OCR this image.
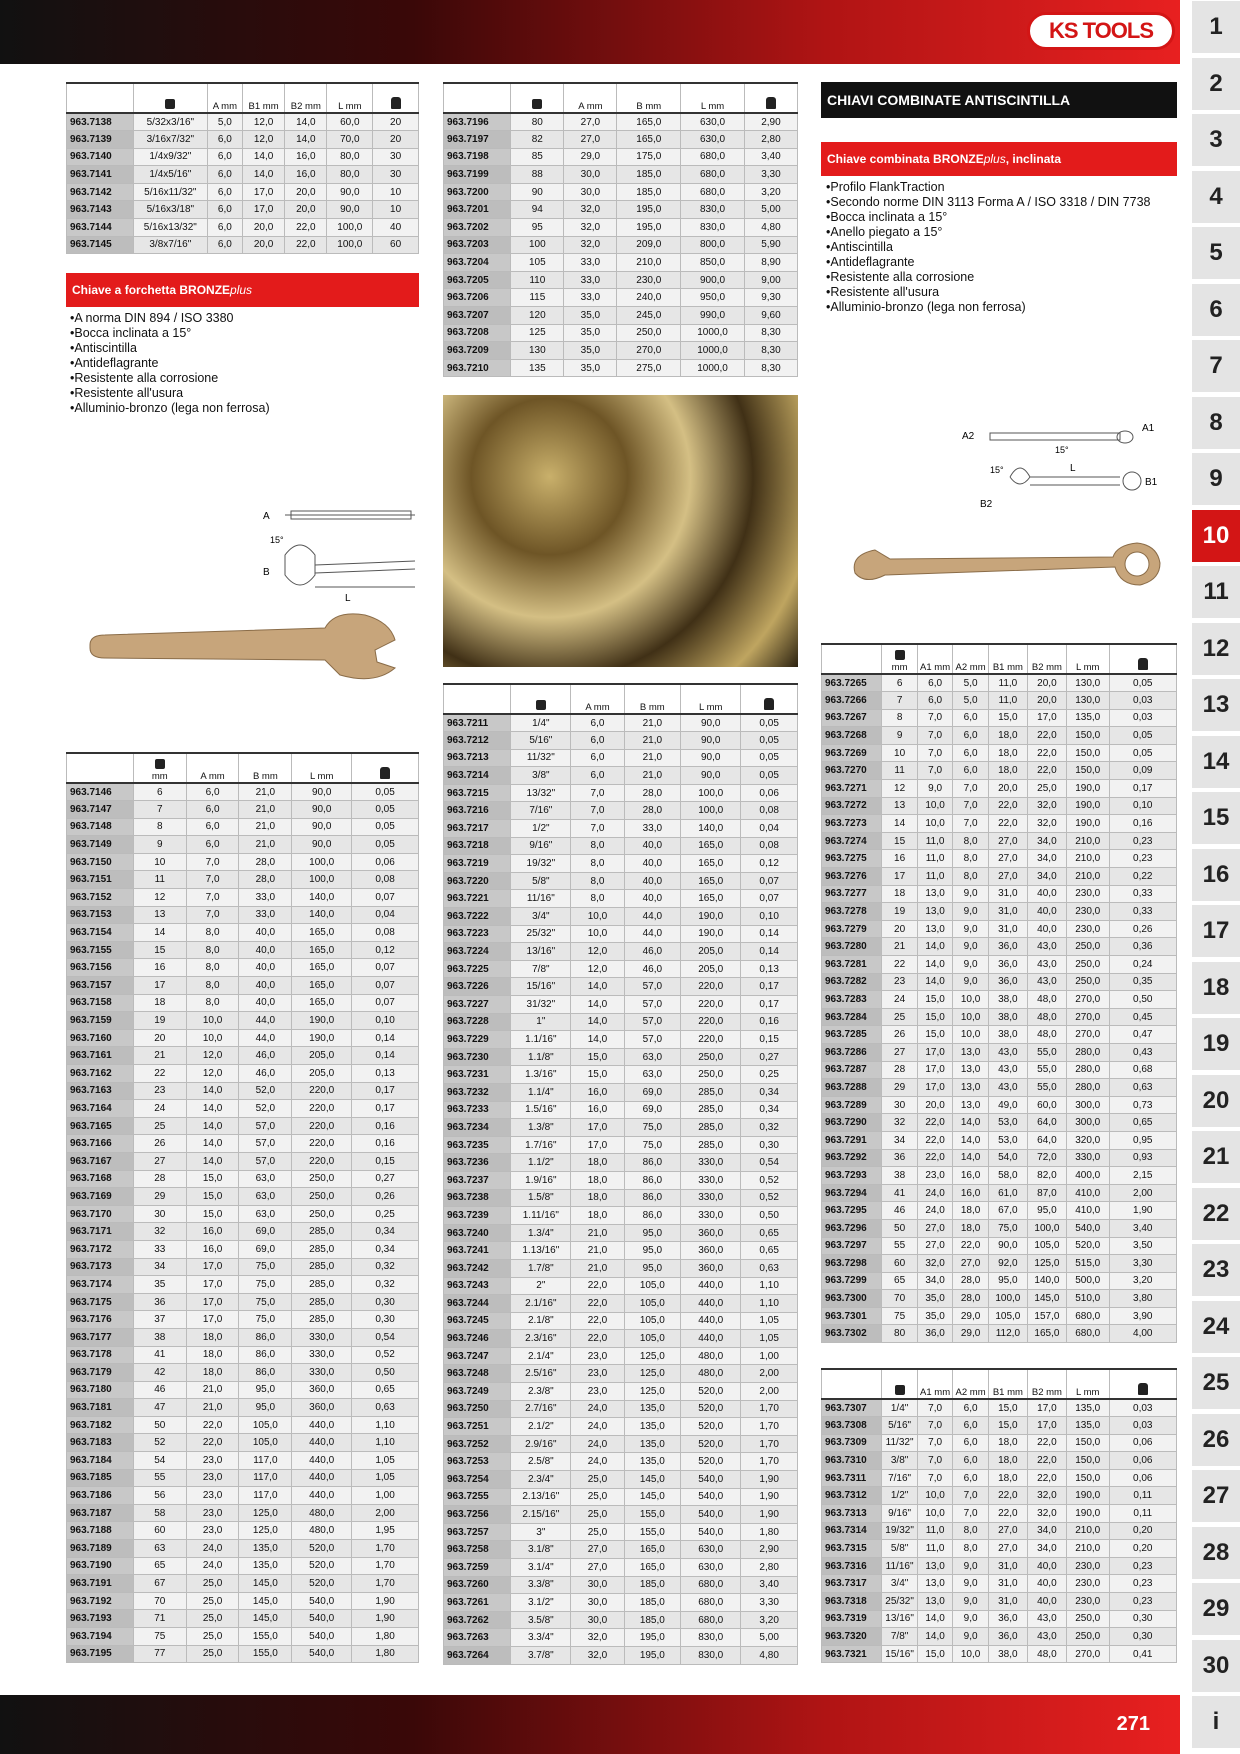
KS TOOLS	1
2
3
4
5
6
7
8
9
10
11
12
13
14
15
16
17
18
19
20
21
22
23
24
25
26
27
28
29
30
i
		A mm	B1 mm	B2 mm	L mm	
963.7138	5/32x3/16"	5,0	12,0	14,0	60,0	20
963.7139	3/16x7/32"	6,0	12,0	14,0	70,0	20
963.7140	1/4x9/32"	6,0	14,0	16,0	80,0	30
963.7141	1/4x5/16"	6,0	14,0	16,0	80,0	30
963.7142	5/16x11/32"	6,0	17,0	20,0	90,0	10
963.7143	5/16x3/18"	6,0	17,0	20,0	90,0	10
963.7144	5/16x13/32"	6,0	20,0	22,0	100,0	40
963.7145	3/8x7/16"	6,0	20,0	22,0	100,0	60
Chiave a forchetta BRONZE plus
• A norma DIN 894 / ISO 3380
• Bocca inclinata a 15°
• Antiscintilla
• Antideflagrante
• Resistente alla corrosione
• Resistente all'usura
• Alluminio-bronzo (lega non ferrosa)
A
15°
B
L

mm	A mm	B mm	L mm	
963.7146	6	6,0	21,0	90,0	0,05
963.7147	7	6,0	21,0	90,0	0,05
963.7148	8	6,0	21,0	90,0	0,05
963.7149	9	6,0	21,0	90,0	0,05
963.7150	10	7,0	28,0	100,0	0,06
963.7151	11	7,0	28,0	100,0	0,08
963.7152	12	7,0	33,0	140,0	0,07
963.7153	13	7,0	33,0	140,0	0,04
963.7154	14	8,0	40,0	165,0	0,08
963.7155	15	8,0	40,0	165,0	0,12
963.7156	16	8,0	40,0	165,0	0,07
963.7157	17	8,0	40,0	165,0	0,07
963.7158	18	8,0	40,0	165,0	0,07
963.7159	19	10,0	44,0	190,0	0,10
963.7160	20	10,0	44,0	190,0	0,14
963.7161	21	12,0	46,0	205,0	0,14
963.7162	22	12,0	46,0	205,0	0,13
963.7163	23	14,0	52,0	220,0	0,17
963.7164	24	14,0	52,0	220,0	0,17
963.7165	25	14,0	57,0	220,0	0,16
963.7166	26	14,0	57,0	220,0	0,16
963.7167	27	14,0	57,0	220,0	0,15
963.7168	28	15,0	63,0	250,0	0,27
963.7169	29	15,0	63,0	250,0	0,26
963.7170	30	15,0	63,0	250,0	0,25
963.7171	32	16,0	69,0	285,0	0,34
963.7172	33	16,0	69,0	285,0	0,34
963.7173	34	17,0	75,0	285,0	0,32
963.7174	35	17,0	75,0	285,0	0,32
963.7175	36	17,0	75,0	285,0	0,30
963.7176	37	17,0	75,0	285,0	0,30
963.7177	38	18,0	86,0	330,0	0,54
963.7178	41	18,0	86,0	330,0	0,52
963.7179	42	18,0	86,0	330,0	0,50
963.7180	46	21,0	95,0	360,0	0,65
963.7181	47	21,0	95,0	360,0	0,63
963.7182	50	22,0	105,0	440,0	1,10
963.7183	52	22,0	105,0	440,0	1,10
963.7184	54	23,0	117,0	440,0	1,05
963.7185	55	23,0	117,0	440,0	1,05
963.7186	56	23,0	117,0	440,0	1,00
963.7187	58	23,0	125,0	480,0	2,00
963.7188	60	23,0	125,0	480,0	1,95
963.7189	63	24,0	135,0	520,0	1,70
963.7190	65	24,0	135,0	520,0	1,70
963.7191	67	25,0	145,0	520,0	1,70
963.7192	70	25,0	145,0	540,0	1,90
963.7193	71	25,0	145,0	540,0	1,90
963.7194	75	25,0	155,0	540,0	1,80
963.7195	77	25,0	155,0	540,0	1,80
		A mm	B mm	L mm	
963.7196	80	27,0	165,0	630,0	2,90
963.7197	82	27,0	165,0	630,0	2,80
963.7198	85	29,0	175,0	680,0	3,40
963.7199	88	30,0	185,0	680,0	3,30
963.7200	90	30,0	185,0	680,0	3,20
963.7201	94	32,0	195,0	830,0	5,00
963.7202	95	32,0	195,0	830,0	4,80
963.7203	100	32,0	209,0	800,0	5,90
963.7204	105	33,0	210,0	850,0	8,90
963.7205	110	33,0	230,0	900,0	9,00
963.7206	115	33,0	240,0	950,0	9,30
963.7207	120	35,0	245,0	990,0	9,60
963.7208	125	35,0	250,0	1000,0	8,30
963.7209	130	35,0	270,0	1000,0	8,30
963.7210	135	35,0	275,0	1000,0	8,30
		A mm	B mm	L mm	
963.7211	1/4"	6,0	21,0	90,0	0,05
963.7212	5/16"	6,0	21,0	90,0	0,05
963.7213	11/32"	6,0	21,0	90,0	0,05
963.7214	3/8"	6,0	21,0	90,0	0,05
963.7215	13/32"	7,0	28,0	100,0	0,06
963.7216	7/16"	7,0	28,0	100,0	0,08
963.7217	1/2"	7,0	33,0	140,0	0,04
963.7218	9/16"	8,0	40,0	165,0	0,08
963.7219	19/32"	8,0	40,0	165,0	0,12
963.7220	5/8"	8,0	40,0	165,0	0,07
963.7221	11/16"	8,0	40,0	165,0	0,07
963.7222	3/4"	10,0	44,0	190,0	0,10
963.7223	25/32"	10,0	44,0	190,0	0,14
963.7224	13/16"	12,0	46,0	205,0	0,14
963.7225	7/8"	12,0	46,0	205,0	0,13
963.7226	15/16"	14,0	57,0	220,0	0,17
963.7227	31/32"	14,0	57,0	220,0	0,17
963.7228	1"	14,0	57,0	220,0	0,16
963.7229	1.1/16"	14,0	57,0	220,0	0,15
963.7230	1.1/8"	15,0	63,0	250,0	0,27
963.7231	1.3/16"	15,0	63,0	250,0	0,25
963.7232	1.1/4"	16,0	69,0	285,0	0,34
963.7233	1.5/16"	16,0	69,0	285,0	0,34
963.7234	1.3/8"	17,0	75,0	285,0	0,32
963.7235	1.7/16"	17,0	75,0	285,0	0,30
963.7236	1.1/2"	18,0	86,0	330,0	0,54
963.7237	1.9/16"	18,0	86,0	330,0	0,52
963.7238	1.5/8"	18,0	86,0	330,0	0,52
963.7239	1.11/16"	18,0	86,0	330,0	0,50
963.7240	1.3/4"	21,0	95,0	360,0	0,65
963.7241	1.13/16"	21,0	95,0	360,0	0,65
963.7242	1.7/8"	21,0	95,0	360,0	0,63
963.7243	2"	22,0	105,0	440,0	1,10
963.7244	2.1/16"	22,0	105,0	440,0	1,10
963.7245	2.1/8"	22,0	105,0	440,0	1,05
963.7246	2.3/16"	22,0	105,0	440,0	1,05
963.7247	2.1/4"	23,0	125,0	480,0	1,00
963.7248	2.5/16"	23,0	125,0	480,0	2,00
963.7249	2.3/8"	23,0	125,0	520,0	2,00
963.7250	2.7/16"	24,0	135,0	520,0	1,70
963.7251	2.1/2"	24,0	135,0	520,0	1,70
963.7252	2.9/16"	24,0	135,0	520,0	1,70
963.7253	2.5/8"	24,0	135,0	520,0	1,70
963.7254	2.3/4"	25,0	145,0	540,0	1,90
963.7255	2.13/16"	25,0	145,0	540,0	1,90
963.7256	2.15/16"	25,0	155,0	540,0	1,90
963.7257	3"	25,0	155,0	540,0	1,80
963.7258	3.1/8"	27,0	165,0	630,0	2,90
963.7259	3.1/4"	27,0	165,0	630,0	2,80
963.7260	3.3/8"	30,0	185,0	680,0	3,40
963.7261	3.1/2"	30,0	185,0	680,0	3,30
963.7262	3.5/8"	30,0	185,0	680,0	3,20
963.7263	3.3/4"	32,0	195,0	830,0	5,00
963.7264	3.7/8"	32,0	195,0	830,0	4,80
CHIAVI COMBINATE ANTISCINTILLA
Chiave combinata BRONZE plus , inclinata
• Profilo FlankTraction
• Secondo norme DIN 3113 Forma A / ISO 3318 / DIN 7738
• Bocca inclinata a 15°
• Anello piegato a 15°
• Antiscintilla
• Antideflagrante
• Resistente alla corrosione
• Resistente all'usura
• Alluminio-bronzo (lega non ferrosa)
A2
A1
15°
15°	L
B2
B1

mm	A1 mm	A2 mm	B1 mm	B2 mm	L mm	
963.7265	6	6,0	5,0	11,0	20,0	130,0	0,05
963.7266	7	6,0	5,0	11,0	20,0	130,0	0,03
963.7267	8	7,0	6,0	15,0	17,0	135,0	0,03
963.7268	9	7,0	6,0	18,0	22,0	150,0	0,05
963.7269	10	7,0	6,0	18,0	22,0	150,0	0,05
963.7270	11	7,0	6,0	18,0	22,0	150,0	0,09
963.7271	12	9,0	7,0	20,0	25,0	190,0	0,17
963.7272	13	10,0	7,0	22,0	32,0	190,0	0,10
963.7273	14	10,0	7,0	22,0	32,0	190,0	0,16
963.7274	15	11,0	8,0	27,0	34,0	210,0	0,23
963.7275	16	11,0	8,0	27,0	34,0	210,0	0,23
963.7276	17	11,0	8,0	27,0	34,0	210,0	0,22
963.7277	18	13,0	9,0	31,0	40,0	230,0	0,33
963.7278	19	13,0	9,0	31,0	40,0	230,0	0,33
963.7279	20	13,0	9,0	31,0	40,0	230,0	0,26
963.7280	21	14,0	9,0	36,0	43,0	250,0	0,36
963.7281	22	14,0	9,0	36,0	43,0	250,0	0,24
963.7282	23	14,0	9,0	36,0	43,0	250,0	0,35
963.7283	24	15,0	10,0	38,0	48,0	270,0	0,50
963.7284	25	15,0	10,0	38,0	48,0	270,0	0,45
963.7285	26	15,0	10,0	38,0	48,0	270,0	0,47
963.7286	27	17,0	13,0	43,0	55,0	280,0	0,43
963.7287	28	17,0	13,0	43,0	55,0	280,0	0,68
963.7288	29	17,0	13,0	43,0	55,0	280,0	0,63
963.7289	30	20,0	13,0	49,0	60,0	300,0	0,73
963.7290	32	22,0	14,0	53,0	64,0	300,0	0,65
963.7291	34	22,0	14,0	53,0	64,0	320,0	0,95
963.7292	36	22,0	14,0	54,0	72,0	330,0	0,93
963.7293	38	23,0	16,0	58,0	82,0	400,0	2,15
963.7294	41	24,0	16,0	61,0	87,0	410,0	2,00
963.7295	46	24,0	18,0	67,0	95,0	410,0	1,90
963.7296	50	27,0	18,0	75,0	100,0	540,0	3,40
963.7297	55	27,0	22,0	90,0	105,0	520,0	3,50
963.7298	60	32,0	27,0	92,0	125,0	515,0	3,30
963.7299	65	34,0	28,0	95,0	140,0	500,0	3,20
963.7300	70	35,0	28,0	100,0	145,0	510,0	3,80
963.7301	75	35,0	29,0	105,0	157,0	680,0	3,90
963.7302	80	36,0	29,0	112,0	165,0	680,0	4,00
		A1 mm	A2 mm	B1 mm	B2 mm	L mm	
963.7307	1/4"	7,0	6,0	15,0	17,0	135,0	0,03
963.7308	5/16"	7,0	6,0	15,0	17,0	135,0	0,03
963.7309	11/32"	7,0	6,0	18,0	22,0	150,0	0,06
963.7310	3/8"	7,0	6,0	18,0	22,0	150,0	0,06
963.7311	7/16"	7,0	6,0	18,0	22,0	150,0	0,06
963.7312	1/2"	10,0	7,0	22,0	32,0	190,0	0,11
963.7313	9/16"	10,0	7,0	22,0	32,0	190,0	0,11
963.7314	19/32"	11,0	8,0	27,0	34,0	210,0	0,20
963.7315	5/8"	11,0	8,0	27,0	34,0	210,0	0,20
963.7316	11/16"	13,0	9,0	31,0	40,0	230,0	0,23
963.7317	3/4"	13,0	9,0	31,0	40,0	230,0	0,23
963.7318	25/32"	13,0	9,0	31,0	40,0	230,0	0,23
963.7319	13/16"	14,0	9,0	36,0	43,0	250,0	0,30
963.7320	7/8"	14,0	9,0	36,0	43,0	250,0	0,30
963.7321	15/16"	15,0	10,0	38,0	48,0	270,0	0,41
271
